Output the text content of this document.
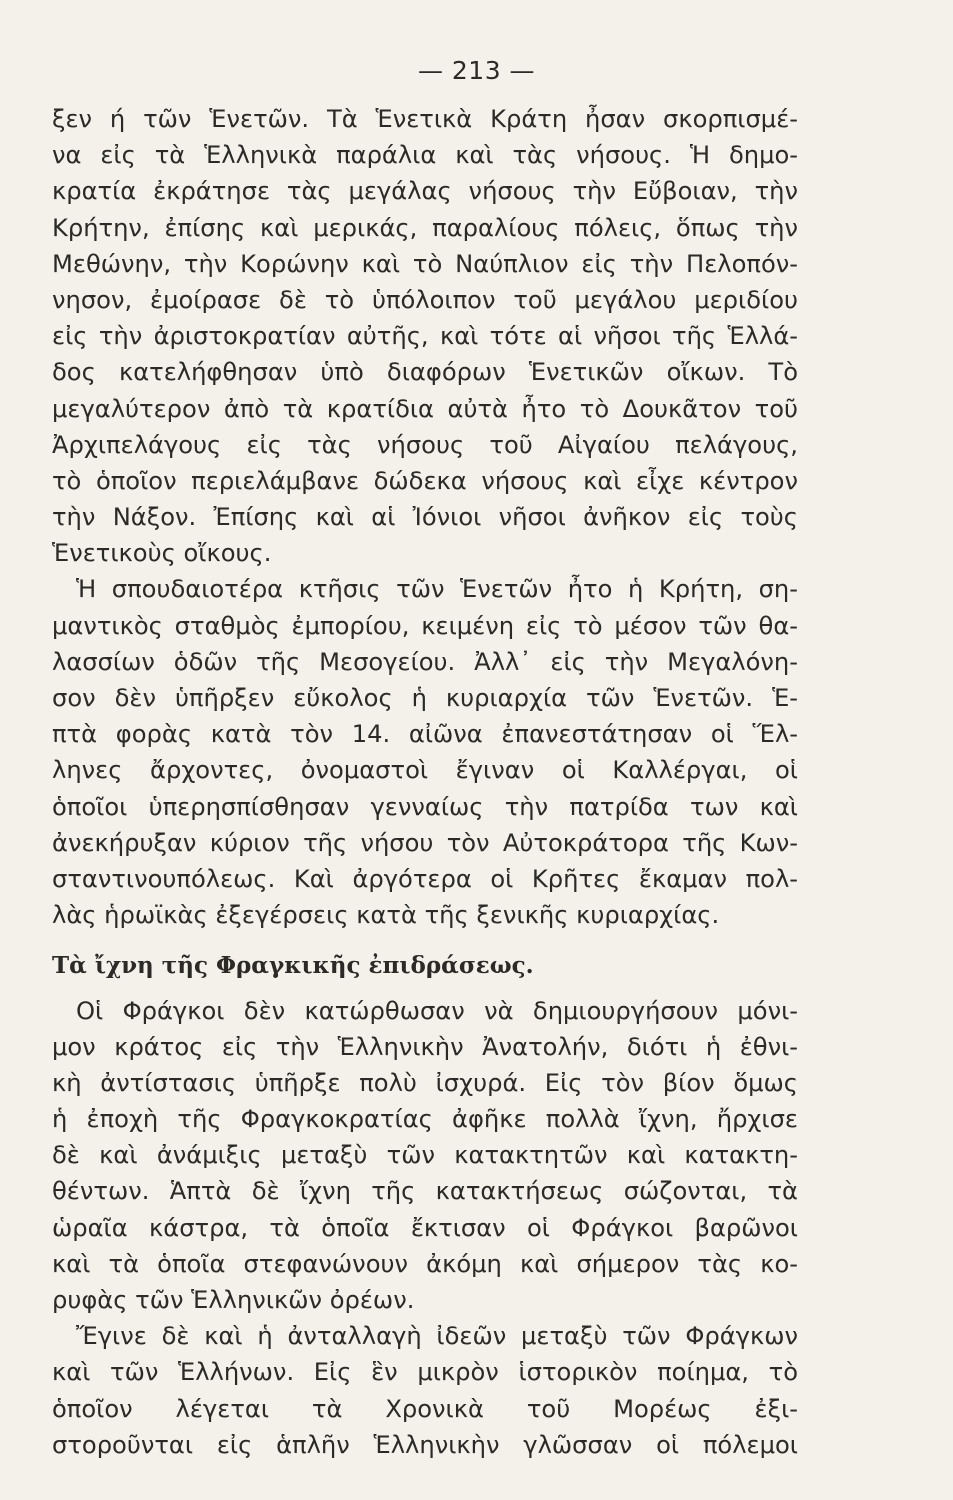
— 213 —
ξεν ή τῶν Ἑνετῶν. Τὰ Ἑνετικὰ Κράτη ἦσαν σκορπισμέ-
να εἰς τὰ Ἑλληνικὰ παράλια καὶ τὰς νήσους. Ἡ δημο-
κρατία ἐκράτησε τὰς μεγάλας νήσους τὴν Εὔβοιαν, τὴν
Κρήτην, ἐπίσης καὶ μερικάς, παραλίους πόλεις, ὅπως τὴν
Μεθώνην, τὴν Κορώνην καὶ τὸ Ναύπλιον εἰς τὴν Πελοπόν-
νησον, ἐμοίρασε δὲ τὸ ὑπόλοιπον τοῦ μεγάλου μεριδίου
εἰς τὴν ἀριστοκρατίαν αὐτῆς, καὶ τότε αἱ νῆσοι τῆς Ἑλλά-
δος κατελήφθησαν ὑπὸ διαφόρων Ἑνετικῶν οἴκων. Τὸ
μεγαλύτερον ἀπὸ τὰ κρατίδια αὐτὰ ἦτο τὸ Δουκᾶτον τοῦ
Ἀρχιπελάγους εἰς τὰς νήσους τοῦ Αἰγαίου πελάγους,
τὸ ὁποῖον περιελάμβανε δώδεκα νήσους καὶ εἶχε κέντρον
τὴν Νάξον. Ἐπίσης καὶ αἱ Ἰόνιοι νῆσοι ἀνῆκον εἰς τοὺς
Ἑνετικοὺς οἴκους.
Ἡ σπουδαιοτέρα κτῆσις τῶν Ἑνετῶν ἦτο ἡ Κρήτη, ση-
μαντικὸς σταθμὸς ἐμπορίου, κειμένη εἰς τὸ μέσον τῶν θα-
λασσίων ὁδῶν τῆς Μεσογείου. Ἀλλ᾽ εἰς τὴν Μεγαλόνη-
σον δὲν ὑπῆρξεν εὔκολος ἡ κυριαρχία τῶν Ἑνετῶν. Ἑ-
πτὰ φορὰς κατὰ τὸν 14. αἰῶνα ἐπανεστάτησαν οἱ Ἕλ-
ληνες ἄρχοντες, ὀνομαστοὶ ἔγιναν οἱ Καλλέργαι, οἱ
ὁποῖοι ὑπερησπίσθησαν γενναίως τὴν πατρίδα των καὶ
ἀνεκήρυξαν κύριον τῆς νήσου τὸν Αὐτοκράτορα τῆς Κων-
σταντινουπόλεως. Καὶ ἀργότερα οἱ Κρῆτες ἔκαμαν πολ-
λὰς ἡρωϊκὰς ἐξεγέρσεις κατὰ τῆς ξενικῆς κυριαρχίας.
Τὰ ἴχνη τῆς Φραγκικῆς ἐπιδράσεως.
Οἱ Φράγκοι δὲν κατώρθωσαν νὰ δημιουργήσουν μόνι-
μον κράτος εἰς τὴν Ἑλληνικὴν Ἀνατολήν, διότι ἡ ἐθνι-
κὴ ἀντίστασις ὑπῆρξε πολὺ ἰσχυρά. Εἰς τὸν βίον ὅμως
ἡ ἐποχὴ τῆς Φραγκοκρατίας ἀφῆκε πολλὰ ἴχνη, ἤρχισε
δὲ καὶ ἀνάμιξις μεταξὺ τῶν κατακτητῶν καὶ κατακτη-
θέντων. Ἁπτὰ δὲ ἴχνη τῆς κατακτήσεως σώζονται, τὰ
ὡραῖα κάστρα, τὰ ὁποῖα ἔκτισαν οἱ Φράγκοι βαρῶνοι
καὶ τὰ ὁποῖα στεφανώνουν ἀκόμη καὶ σήμερον τὰς κο-
ρυφὰς τῶν Ἑλληνικῶν ὀρέων.
Ἔγινε δὲ καὶ ἡ ἀνταλλαγὴ ἰδεῶν μεταξὺ τῶν Φράγκων
καὶ τῶν Ἑλλήνων. Εἰς ἓν μικρὸν ἱστορικὸν ποίημα, τὸ
ὁποῖον λέγεται τὰ Χρονικὰ τοῦ Μορέως ἐξι-
στοροῦνται εἰς ἁπλῆν Ἑλληνικὴν γλῶσσαν οἱ πόλεμοι
